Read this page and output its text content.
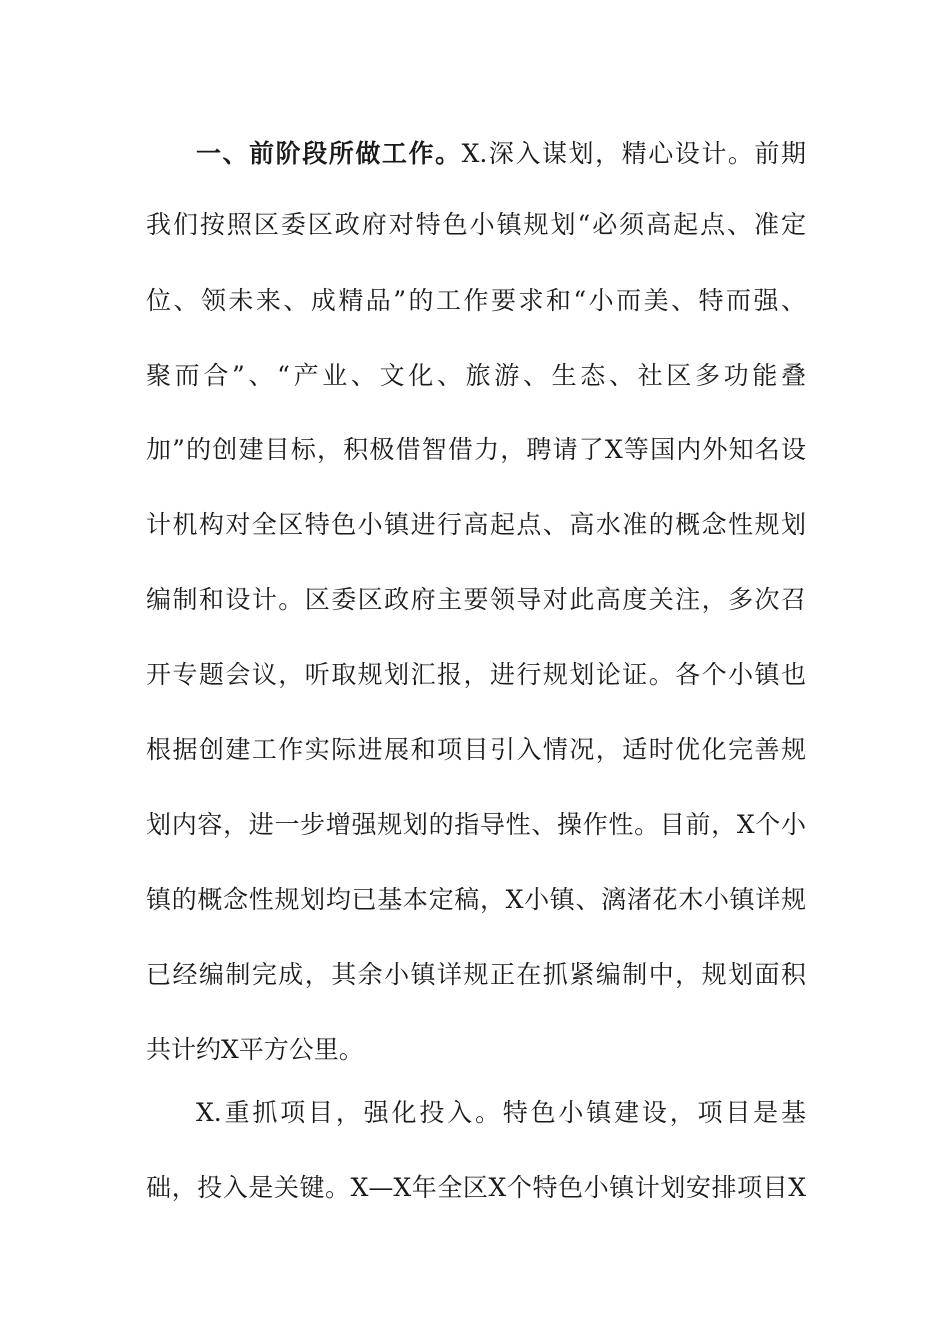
一、前阶段所做工作。X.深入谋划，精心设计。前期
我们按照区委区政府对特色小镇规划“必须高起点、准定
位、领未来、成精品”的工作要求和“小而美、特而强、
聚而合”、“产业、文化、旅游、生态、社区多功能叠
加”的创建目标，积极借智借力，聘请了X等国内外知名设
计机构对全区特色小镇进行高起点、高水准的概念性规划
编制和设计。区委区政府主要领导对此高度关注，多次召
开专题会议，听取规划汇报，进行规划论证。各个小镇也
根据创建工作实际进展和项目引入情况，适时优化完善规
划内容，进一步增强规划的指导性、操作性。目前，X个小
镇的概念性规划均已基本定稿，X小镇、漓渚花木小镇详规
已经编制完成，其余小镇详规正在抓紧编制中，规划面积
共计约X平方公里。
X.重抓项目，强化投入。特色小镇建设，项目是基
础，投入是关键。X—X年全区X个特色小镇计划安排项目X
